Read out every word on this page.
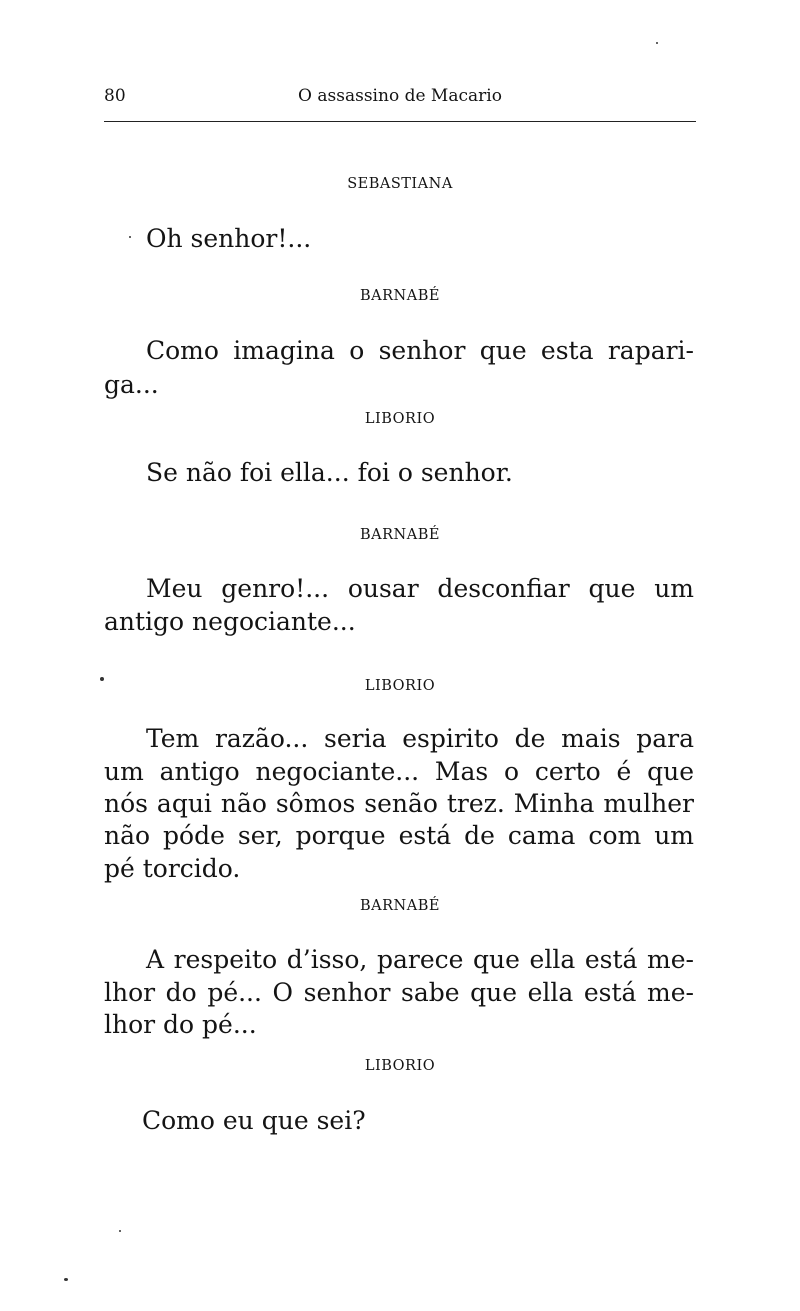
80	O assassino de Macario
SEBASTIANA
Oh senhor!...
BARNABÉ
Como imagina o senhor que esta rapari-
ga...
LIBORIO
Se não foi ella... foi o senhor.
BARNABÉ
Meu genro!... ousar desconfiar que um
antigo negociante...
LIBORIO
Tem razão... seria espirito de mais para
um antigo negociante... Mas o certo é que
nós aqui não sômos senão trez. Minha mulher
não póde ser, porque está de cama com um
pé torcido.
BARNABÉ
A respeito d’isso, parece que ella está me-
lhor do pé... O senhor sabe que ella está me-
lhor do pé...
LIBORIO
Como eu que sei?
